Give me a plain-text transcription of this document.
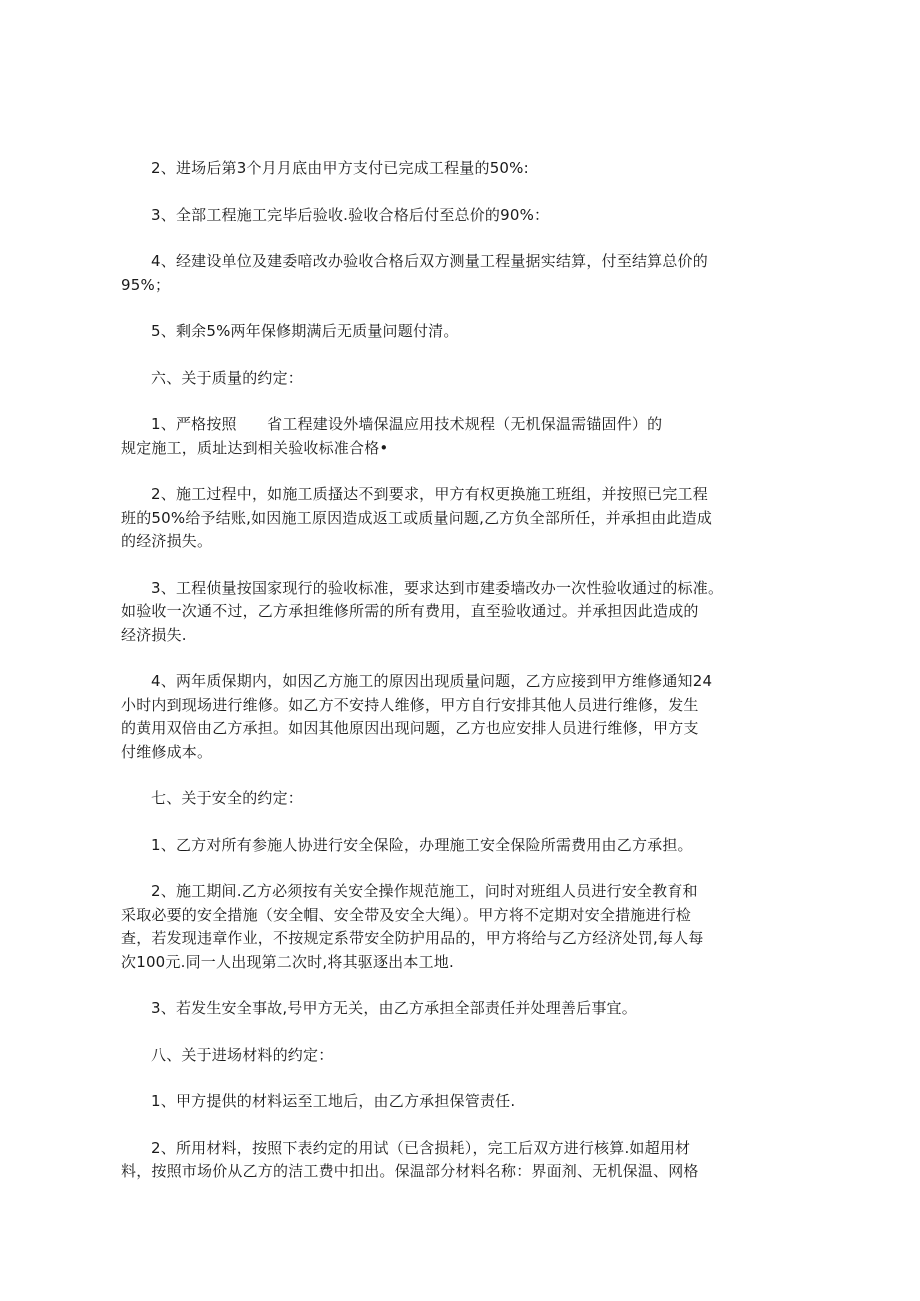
2、进场后第3个月月底由甲方支付已完成工程量的50%:
3、全部工程施工完毕后验收.验收合格后付至总价的90%：
4、经建设单位及建委喑改办验收合格后双方测量工程量据实结算，付至结算总价的
95%；
5、剩余5%两年保修期满后无质量问题付清。
六、关于质量的约定：
1、严格按照　　省工程建设外墙保温应用技术规程（无机保温需锚固件）的
规定施工，质址达到相关验收标准合格•
2、施工过程中，如施工质搔达不到要求，甲方有权更换施工班组，并按照已完工程
班的50%给予结账,如因施工原因造成返工或质量问题,乙方负全部所任，并承担由此造成
的经济损失。
3、工程侦量按国家现行的验收标准，要求达到市建委墙改办一次性验收通过的标准。
如验收一次通不过，乙方承担维修所需的所有费用，直至验收通过。并承担因此造成的
经济损失.
4、两年质保期内，如因乙方施工的原因出现质量问题，乙方应接到甲方维修通知24
小时内到现场进行维修。如乙方不安持人维修，甲方自行安排其他人员进行维修，发生
的黄用双倍由乙方承担。如因其他原因出现问题，乙方也应安排人员进行维修，甲方支
付维修成本。
七、关于安全的约定：
1、乙方对所有参施人协进行安全保险，办理施工安全保险所需费用由乙方承担。
2、施工期间.乙方必须按有关安全操作规范施工，问时对班组人员进行安全教育和
采取必要的安全措施（安全帽、安全带及安全大绳）。甲方将不定期对安全措施进行检
查，若发现违章作业，不按规定系带安全防护用品的，甲方将给与乙方经济处罚,每人每
次100元.同一人出现第二次时,将其驱逐出本工地.
3、若发生安全事故,号甲方无关，由乙方承担全部责任并处理善后事宜。
八、关于进场材料的约定：
1、甲方提供的材料运至工地后，由乙方承担保管责任.
2、所用材料，按照下表约定的用试（已含损耗），完工后双方进行核算.如超用材
料，按照市场价从乙方的洁工费中扣出。保温部分材料名称：界面剂、无机保温、网格
